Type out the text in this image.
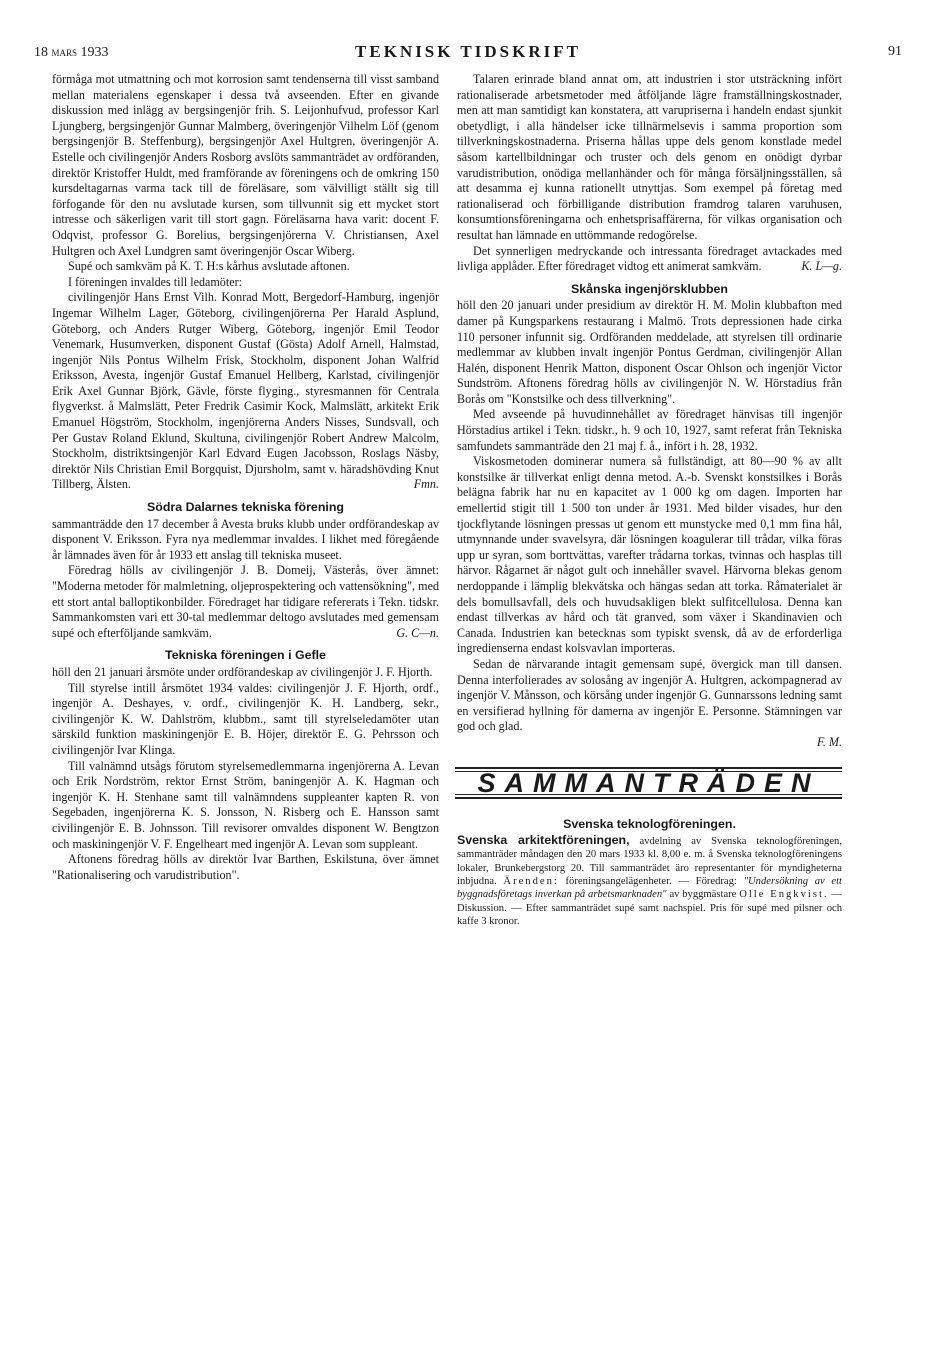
18 mars 1933	TEKNISK TIDSKRIFT	91

förmåga mot utmattning och mot korrosion samt tendenserna till visst samband mellan materialens egenskaper i dessa två avseenden. Efter en givande diskussion med inlägg av bergsingenjör frih. S. Leijonhufvud, professor Karl Ljungberg, bergsingenjör Gunnar Malmberg, överingenjör Vilhelm Löf (genom bergsingenjör B. Steffenburg), bergsingenjör Axel Hultgren, överingenjör A. Estelle och civilingenjör Anders Rosborg avslöts sammanträdet av ordföranden, direktör Kristoffer Huldt, med framförande av föreningens och de omkring 150 kursdeltagarnas varma tack till de föreläsare, som välvilligt ställt sig till förfogande för den nu avslutade kursen, som tillvunnit sig ett mycket stort intresse och säkerligen varit till stort gagn. Föreläsarna hava varit: docent F. Odqvist, professor G. Borelius, bergsingenjörerna V. Christiansen, Axel Hultgren och Axel Lundgren samt överingenjör Oscar Wiberg.

Supé och samkväm på K. T. H:s kårhus avslutade aftonen.

I föreningen invaldes till ledamöter:

civilingenjör Hans Ernst Vilh. Konrad Mott, Bergedorf-Hamburg, ingenjör Ingemar Wilhelm Lager, Göteborg, civilingenjörerna Per Harald Asplund, Göteborg, och Anders Rutger Wiberg, Göteborg, ingenjör Emil Teodor Venemark, Husumverken, disponent Gustaf (Gösta) Adolf Arnell, Halmstad, ingenjör Nils Pontus Wilhelm Frisk, Stockholm, disponent Johan Walfrid Eriksson, Avesta, ingenjör Gustaf Emanuel Hellberg, Karlstad, civilingenjör Erik Axel Gunnar Björk, Gävle, förste flyging., styresmannen för Centrala flygverkst. å Malmslätt, Peter Fredrik Casimir Kock, Malmslätt, arkitekt Erik Emanuel Högström, Stockholm, ingenjörerna Anders Nisses, Sundsvall, och Per Gustav Roland Eklund, Skultuna, civilingenjör Robert Andrew Malcolm, Stockholm, distriktsingenjör Karl Edvard Eugen Jacobsson, Roslags Näsby, direktör Nils Christian Emil Borgquist, Djursholm, samt v. häradshövding Knut Tillberg, Älsten.	Fmn.

Södra Dalarnes tekniska förening

sammanträdde den 17 december å Avesta bruks klubb under ordförandeskap av disponent V. Eriksson. Fyra nya medlemmar invaldes. I likhet med föregående år lämnades även för år 1933 ett anslag till tekniska museet.

Föredrag hölls av civilingenjör J. B. Domeij, Västerås, över ämnet: "Moderna metoder för malmletning, oljeprospektering och vattensökning", med ett stort antal balloptikonbilder. Föredraget har tidigare refererats i Tekn. tidskr. Sammankomsten vari ett 30-tal medlemmar deltogo avslutades med gemensam supé och efterföljande samkväm.	G. C—n.

Tekniska föreningen i Gefle

höll den 21 januari årsmöte under ordförandeskap av civilingenjör J. F. Hjorth.

Till styrelse intill årsmötet 1934 valdes: civilingenjör J. F. Hjorth, ordf., ingenjör A. Deshayes, v. ordf., civilingenjör K. H. Landberg, sekr., civilingenjör K. W. Dahlström, klubbm., samt till styrelseledamöter utan särskild funktion maskiningenjör E. B. Höjer, direktör E. G. Pehrsson och civilingenjör Ivar Klinga.

Till valnämnd utsågs förutom styrelsemedlemmarna ingenjörerna A. Levan och Erik Nordström, rektor Ernst Ström, baningenjör A. K. Hagman och ingenjör K. H. Stenhane samt till valnämndens suppleanter kapten R. von Segebaden, ingenjörerna K. S. Jonsson, N. Risberg och E. Hansson samt civilingenjör E. B. Johnsson. Till revisorer omvaldes disponent W. Bengtzon och maskiningenjör V. F. Engelheart med ingenjör A. Levan som suppleant.

Aftonens föredrag hölls av direktör Ivar Barthen, Eskilstuna, över ämnet "Rationalisering och varudistribution".

Talaren erinrade bland annat om, att industrien i stor utsträckning infört rationaliserade arbetsmetoder med åtföljande lägre framställningskostnader, men att man samtidigt kan konstatera, att varupriserna i handeln endast sjunkit obetydligt, i alla händelser icke tillnärmelsevis i samma proportion som tillverkningskostnaderna. Priserna hållas uppe dels genom konstlade medel såsom kartellbildningar och truster och dels genom en onödigt dyrbar varudistribution, onödiga mellanhänder och för många försäljningsställen, så att desamma ej kunna rationellt utnyttjas. Som exempel på företag med rationaliserad och förbilligande distribution framdrog talaren varuhusen, konsumtionsföreningarna och enhetsprisaffärerna, för vilkas organisation och resultat han lämnade en uttömmande redogörelse.

Det synnerligen medryckande och intressanta föredraget avtackades med livliga applåder. Efter föredraget vidtog ett animerat samkväm.	K. L—g.

Skånska ingenjörsklubben

höll den 20 januari under presidium av direktör H. M. Molin klubbafton med damer på Kungsparkens restaurang i Malmö. Trots depressionen hade cirka 110 personer infunnit sig. Ordföranden meddelade, att styrelsen till ordinarie medlemmar av klubben invalt ingenjör Pontus Gerdman, civilingenjör Allan Halén, disponent Henrik Matton, disponent Oscar Ohlson och ingenjör Victor Sundström. Aftonens föredrag hölls av civilingenjör N. W. Hörstadius från Borås om "Konstsilke och dess tillverkning".

Med avseende på huvudinnehållet av föredraget hänvisas till ingenjör Hörstadius artikel i Tekn. tidskr., h. 9 och 10, 1927, samt referat från Tekniska samfundets sammanträde den 21 maj f. å., infört i h. 28, 1932.

Viskosmetoden dominerar numera så fullständigt, att 80—90 % av allt konstsilke är tillverkat enligt denna metod. A.-b. Svenskt konstsilkes i Borås belägna fabrik har nu en kapacitet av 1 000 kg om dagen. Importen har emellertid stigit till 1 500 ton under år 1931. Med bilder visades, hur den tjockflytande lösningen pressas ut genom ett munstycke med 0,1 mm fina hål, utmynnande under svavelsyra, där lösningen koagulerar till trådar, vilka föras upp ur syran, som borttvättas, varefter trådarna torkas, tvinnas och hasplas till härvor. Rågarnet är något gult och innehåller svavel. Härvorna blekas genom nerdoppande i lämplig blekvätska och hängas sedan att torka. Råmaterialet är dels bomullsavfall, dels och huvudsakligen blekt sulfitcellulosa. Denna kan endast tillverkas av hård och tät granved, som växer i Skandinavien och Canada. Industrien kan betecknas som typiskt svensk, då av de erforderliga ingredienserna endast kolsvavlan importeras.

Sedan de närvarande intagit gemensam supé, övergick man till dansen. Denna interfolierades av solosång av ingenjör A. Hultgren, ackompagnerad av ingenjör V. Månsson, och körsång under ingenjör G. Gunnarssons ledning samt en versifierad hyllning för damerna av ingenjör E. Personne. Stämningen var god och glad.

F. M.

SAMMANTRÄDEN
Svenska teknologföreningen.

Svenska arkitektföreningen, avdelning av Svenska teknologföreningen, sammanträder måndagen den 20 mars 1933 kl. 8,00 e. m. å Svenska teknologföreningens lokaler, Brunkebergstorg 20. Till sammanträdet äro representanter för myndigheterna inbjudna. Ärenden: föreningsangelägenheter. — Föredrag: "Undersökning av ett byggnadsföretags inverkan på arbetsmarknaden" av byggmästare Olle Engkvist. — Diskussion. — Efter sammanträdet supé samt nachspiel. Pris för supé med pilsner och kaffe 3 kronor.
